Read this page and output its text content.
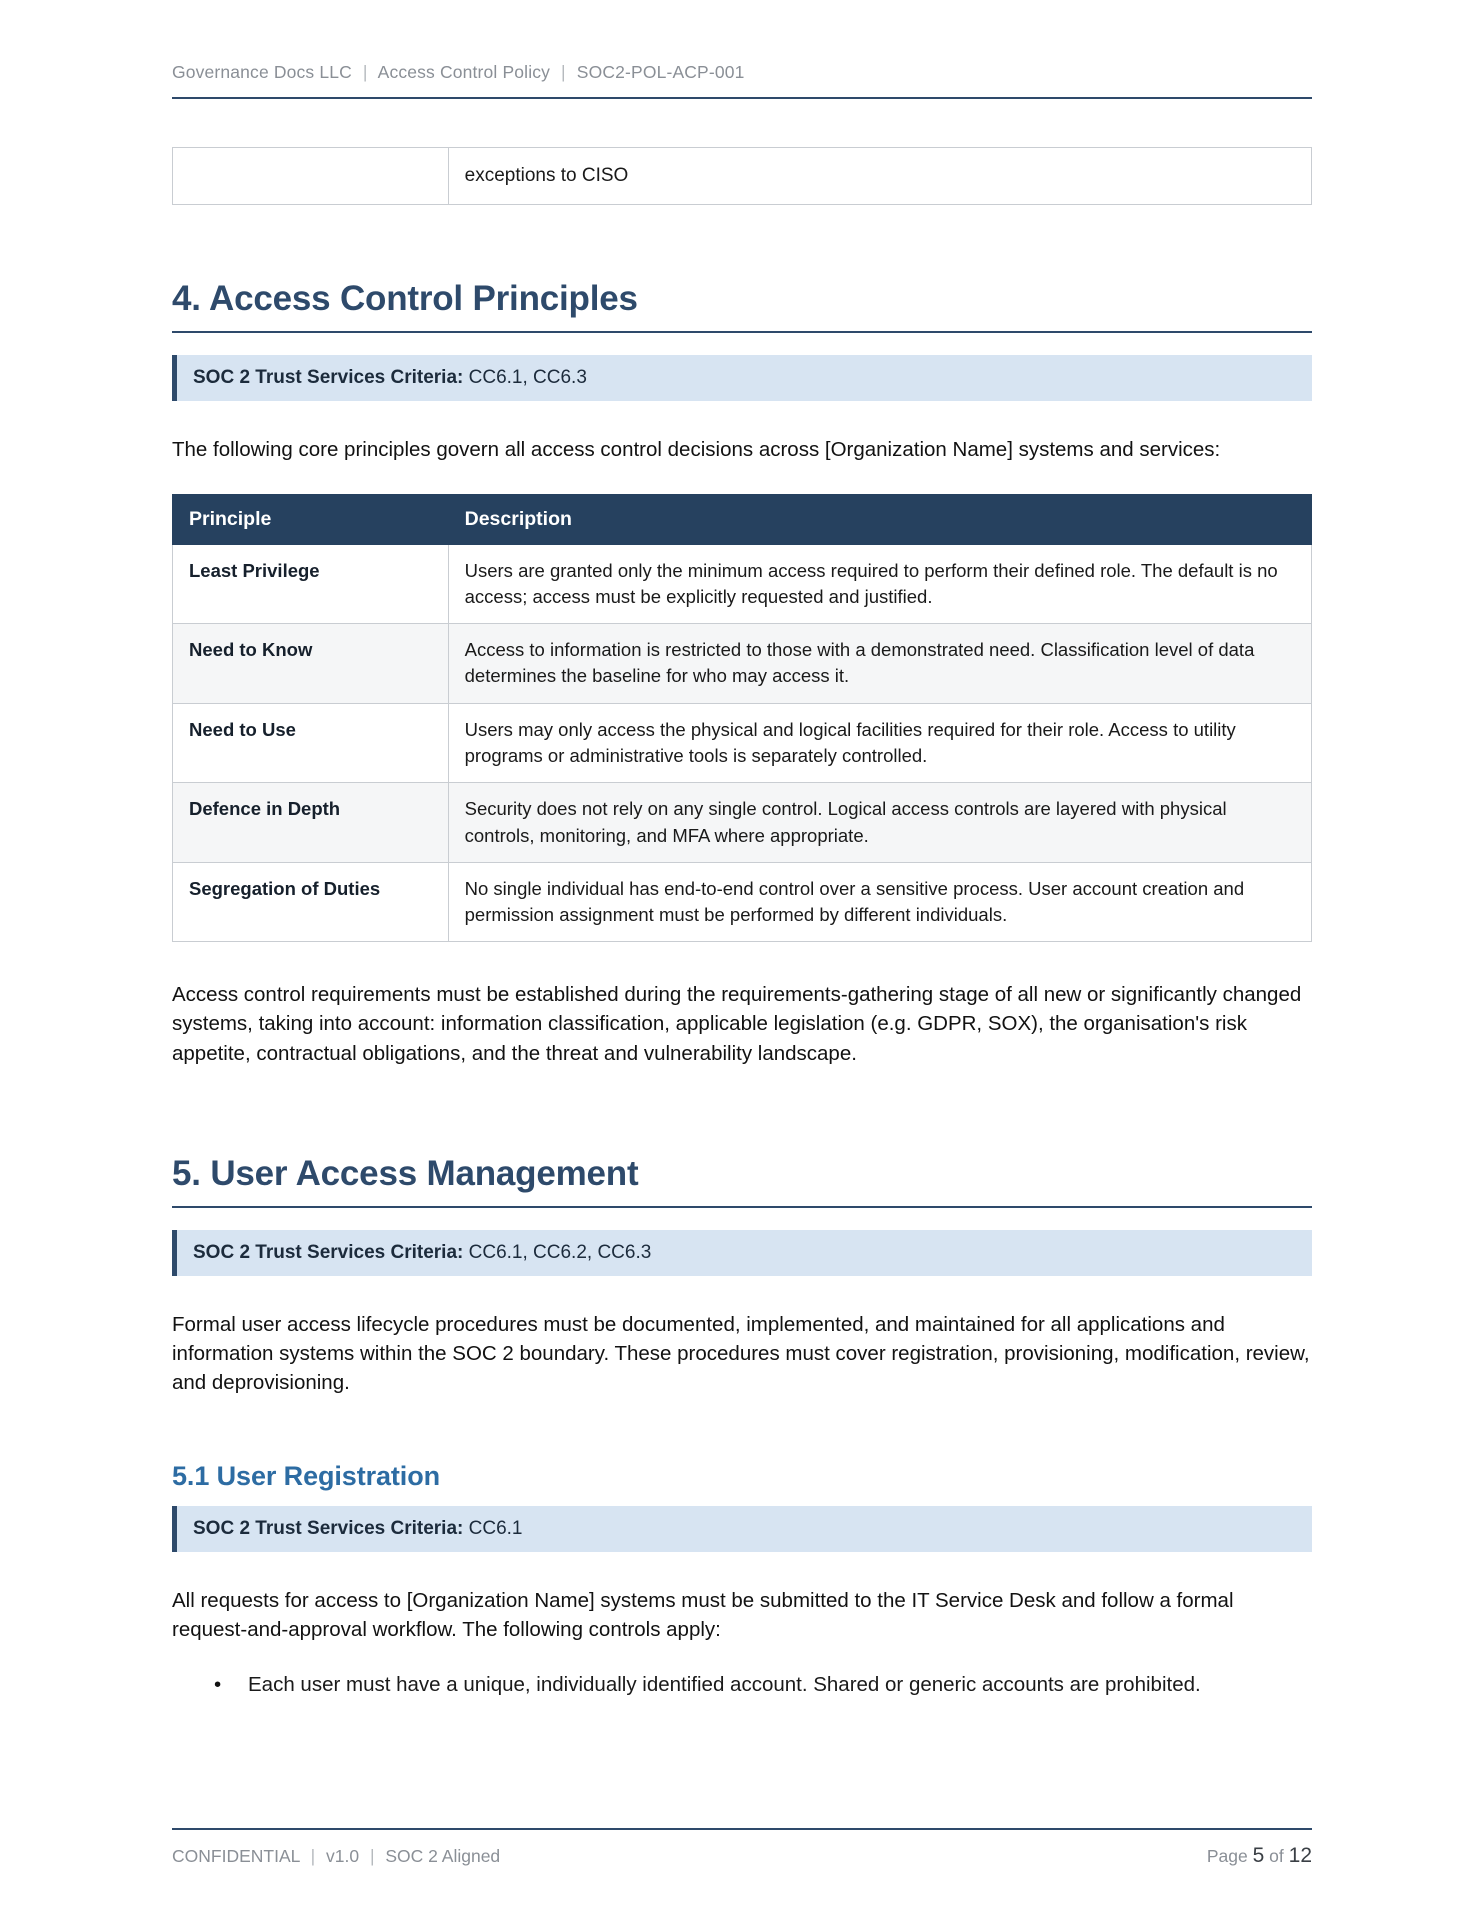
Governance Docs LLC | Access Control Policy | SOC2-POL-ACP-001
	exceptions to CISO
4. Access Control Principles
SOC 2 Trust Services Criteria: CC6.1, CC6.3

The following core principles govern all access control decisions across [Organization Name] systems and services:

Principle	Description
Least Privilege	Users are granted only the minimum access required to perform their defined role. The default is no access; access must be explicitly requested and justified.
Need to Know	Access to information is restricted to those with a demonstrated need. Classification level of data determines the baseline for who may access it.
Need to Use	Users may only access the physical and logical facilities required for their role. Access to utility programs or administrative tools is separately controlled.
Defence in Depth	Security does not rely on any single control. Logical access controls are layered with physical controls, monitoring, and MFA where appropriate.
Segregation of Duties	No single individual has end-to-end control over a sensitive process. User account creation and permission assignment must be performed by different individuals.

Access control requirements must be established during the requirements-gathering stage of all new or significantly changed systems, taking into account: information classification, applicable legislation (e.g. GDPR, SOX), the organisation's risk appetite, contractual obligations, and the threat and vulnerability landscape.

5. User Access Management
SOC 2 Trust Services Criteria: CC6.1, CC6.2, CC6.3

Formal user access lifecycle procedures must be documented, implemented, and maintained for all applications and information systems within the SOC 2 boundary. These procedures must cover registration, provisioning, modification, review, and deprovisioning.

5.1 User Registration
SOC 2 Trust Services Criteria: CC6.1

All requests for access to [Organization Name] systems must be submitted to the IT Service Desk and follow a formal request-and-approval workflow. The following controls apply:

•	Each user must have a unique, individually identified account. Shared or generic accounts are prohibited.
CONFIDENTIAL | v1.0 | SOC 2 Aligned	Page 5 of 12
